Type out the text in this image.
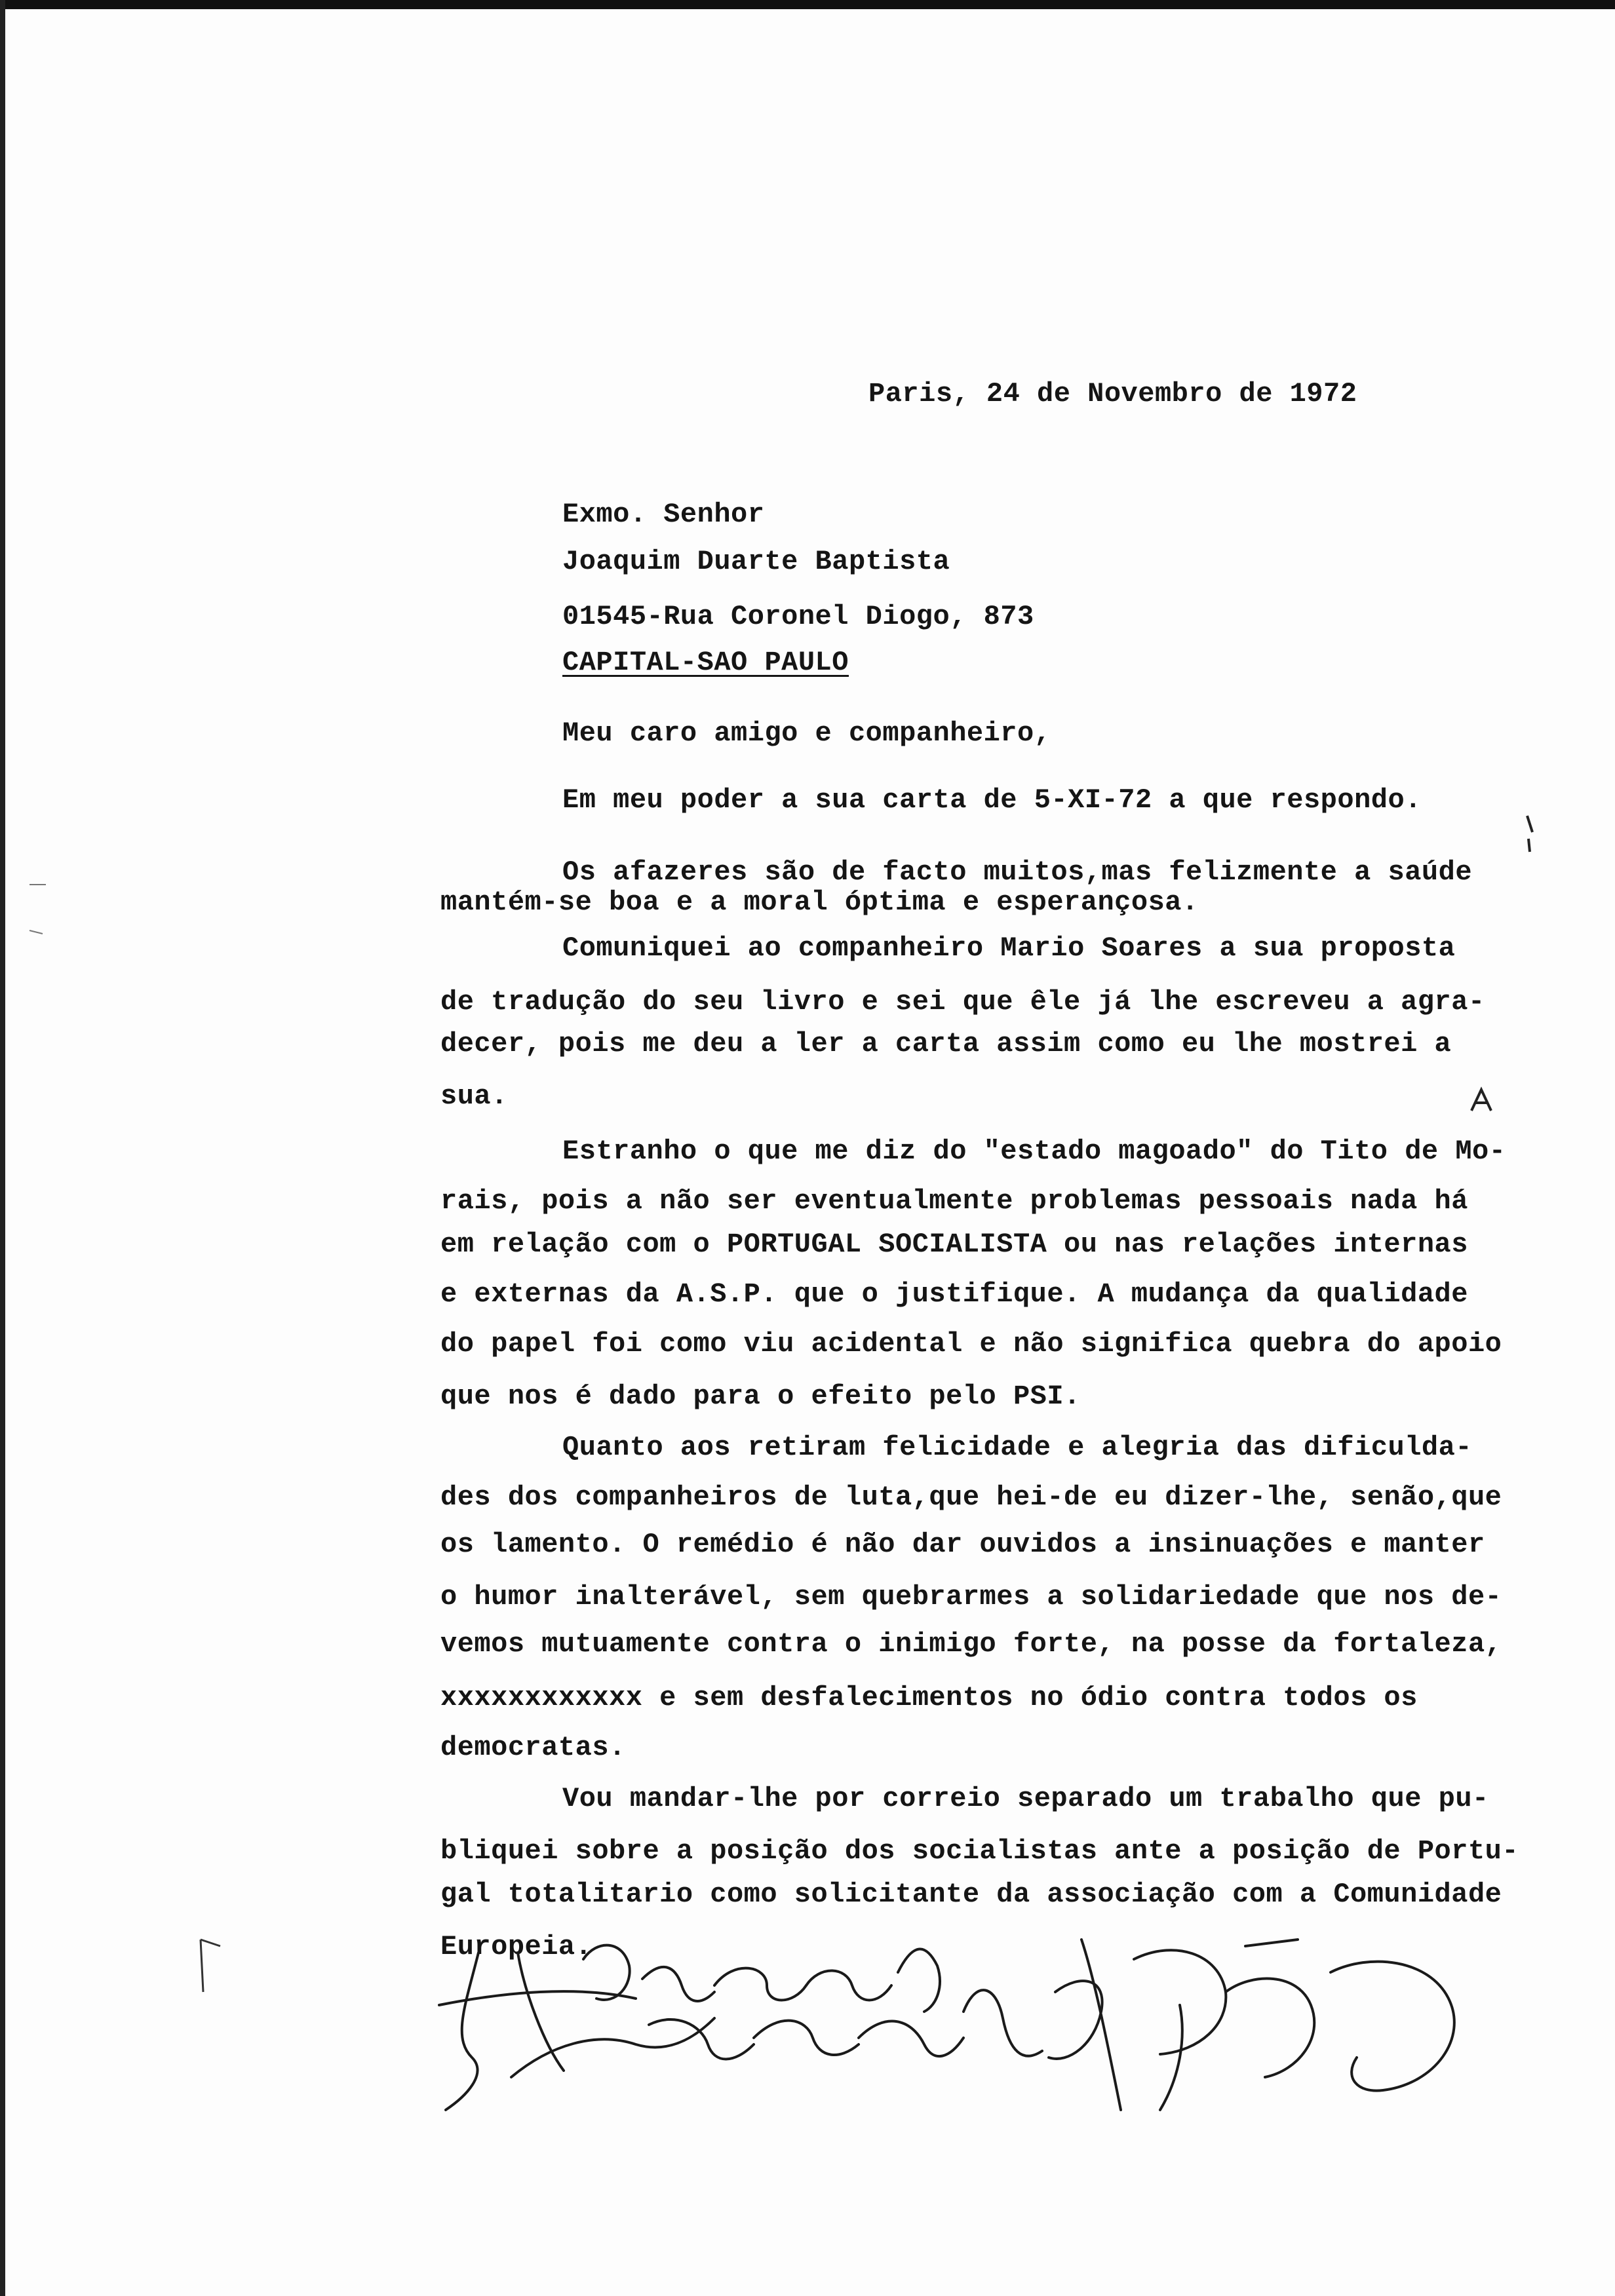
Paris, 24 de Novembro de 1972
Exmo. Senhor
Joaquim Duarte Baptista
01545-Rua Coronel Diogo, 873
CAPITAL-SAO PAULO
Meu caro amigo e companheiro,
Em meu poder a sua carta de 5-XI-72 a que respondo.
Os afazeres são de facto muitos,mas felizmente a saúde
mantém-se boa e a moral óptima e esperançosa.
Comuniquei ao companheiro Mario Soares a sua proposta
de tradução do seu livro e sei que êle já lhe escreveu a agra-
decer, pois me deu a ler a carta assim como eu lhe mostrei a
sua.
Estranho o que me diz do "estado magoado" do Tito de Mo-
rais, pois a não ser eventualmente problemas pessoais nada há
em relação com o PORTUGAL SOCIALISTA ou nas relações internas
e externas da A.S.P. que o justifique. A mudança da qualidade
do papel foi como viu acidental e não significa quebra do apoio
que nos é dado para o efeito pelo PSI.
Quanto aos retiram felicidade e alegria das dificulda-
des dos companheiros de luta,que hei-de eu dizer-lhe, senão,que
os lamento. O remédio é não dar ouvidos a insinuações e manter
o humor inalterável, sem quebrarmes a solidariedade que nos de-
vemos mutuamente contra o inimigo forte, na posse da fortaleza,
xxxxxxxxxxxx e sem desfalecimentos no ódio contra todos os
democratas.
Vou mandar-lhe por correio separado um trabalho que pu-
bliquei sobre a posição dos socialistas ante a posição de Portu-
gal totalitario como solicitante da associação com a Comunidade
Europeia.
